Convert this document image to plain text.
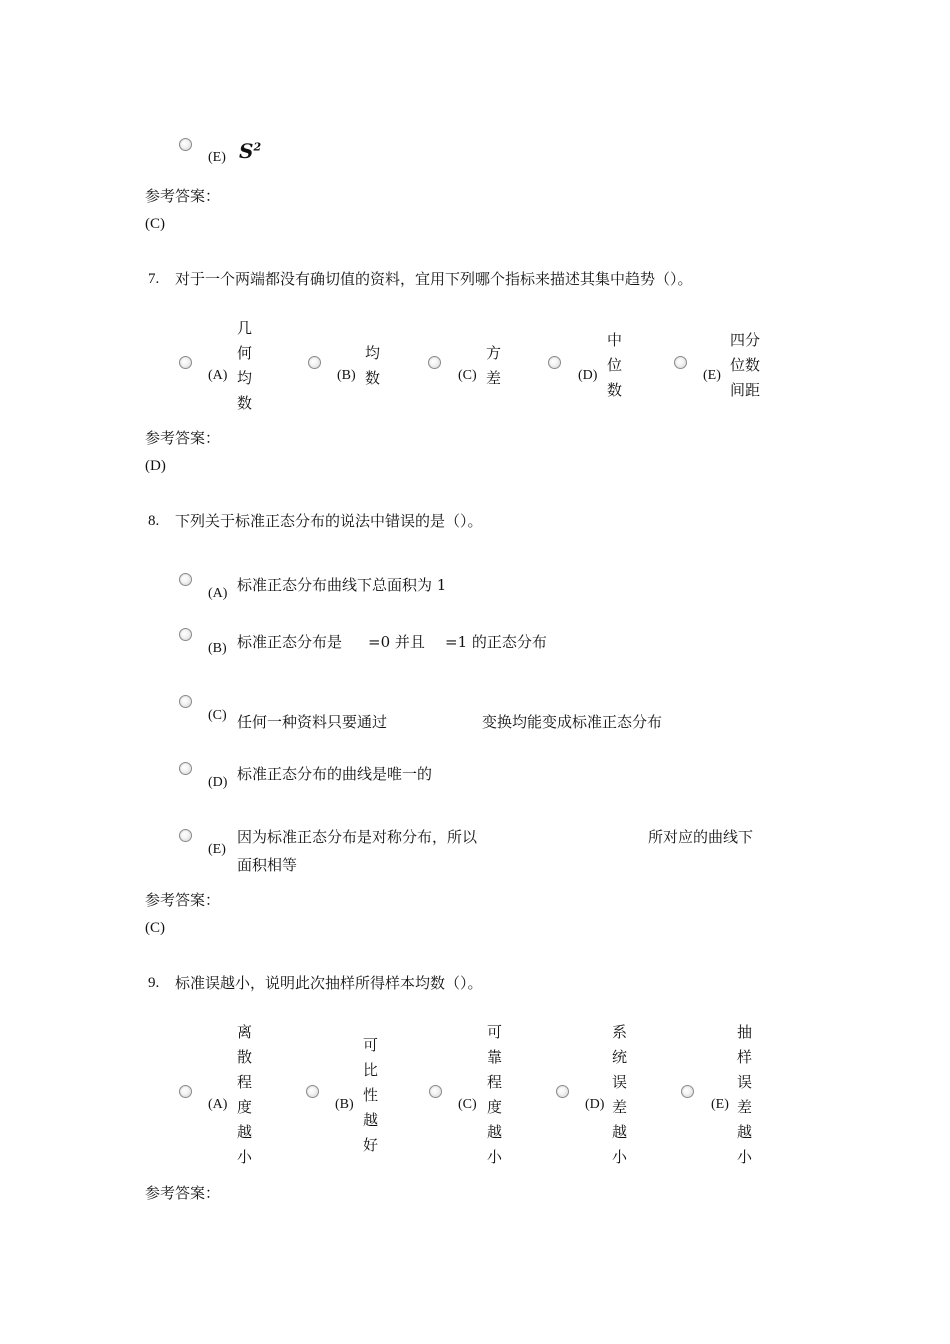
(E) $S^2$
参考答案：
(C)
7. 对于一个两端都没有确切值的资料，宜用下列哪个指标来描述其集中趋势（）。
(A)
几
何
均
数
(B)
均
数	(C)
方
差	(D)
中
位
数
(E)
四分
位数
间距
参考答案：
(D)
8. 下列关于标准正态分布的说法中错误的是（）。
(A) 标准正态分布曲线下总面积为 1
(B) 标准正态分布是 =0 并且 =1 的正态分布
(C) 任何一种资料只要通过	变换均能变成标准正态分布
(D) 标准正态分布的曲线是唯一的
(E)
因为标准正态分布是对称分布，所以	所对应的曲线下
面积相等
参考答案：
(C)
9. 标准误越小，说明此次抽样所得样本均数（）。
(A)
离
散
程
度
越
小
(B)
可
比
性
越
好
(C)
可
靠
程
度
越
小
(D)
系
统
误
差
越
小
(E)
抽
样
误
差
越
小
参考答案：
